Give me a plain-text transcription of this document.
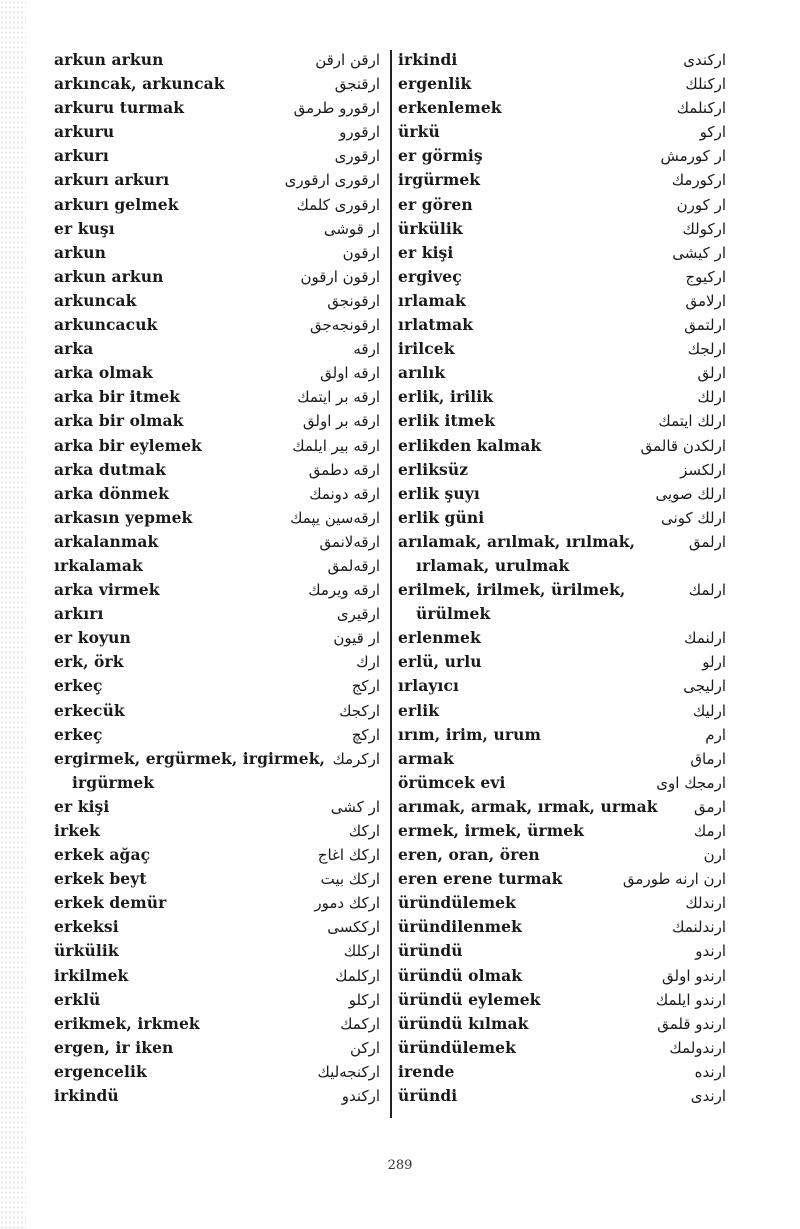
arkun arkun	ارقن ارقن
arkıncak, arkuncak	ارقنجق
arkuru turmak	ارقورو طرمق
arkuru	ارقورو
arkurı	ارقوری
arkurı arkurı	ارقوری ارقوری
arkurı gelmek	ارقوری کلمك
er kuşı	ار قوشی
arkun	ارقون
arkun arkun	ارقون ارقون
arkuncak	ارقونجق
arkuncacuk	ارقونجەجق
arka	ارقه
arka olmak	ارقه اولق
arka bir itmek	ارقه بر ایتمك
arka bir olmak	ارقه بر اولق
arka bir eylemek	ارقه بیر ایلمك
arka dutmak	ارقه دطمق
arka dönmek	ارقه دونمك
arkasın yepmek	ارقەسین یپمك
arkalanmak	ارقەلانمق
ırkalamak	ارقەلمق
arka virmek	ارقه ویرمك
arkırı	ارقیری
er koyun	ار قیون
erk, örk	ارك
erkeç	ارکج
erkecük	ارکجك
erkeç	ارکچ
ergirmek, ergürmek, irgirmek, ارکرمك
irgürmek
er kişi	ار کشی
irkek	ارکك
erkek ağaç	ارکك اغاج
erkek beyt	ارکك بیت
erkek demür	ارکك دمور
erkeksi	ارککسی
ürkülik	ارکلك
irkilmek	ارکلمك
erklü	ارکلو
erikmek, irkmek	ارکمك
ergen, ir iken	ارکن
ergencelik	ارکنجەلیك
irkindü	ارکندو
irkindi	ارکندی
ergenlik	ارکنلك
erkenlemek	ارکنلمك
ürkü	ارکو
er görmiş	ار کورمش
irgürmek	ارکورمك
er gören	ار کورن
ürkülik	ارکولك
er kişi	ار کیشی
ergiveç	ارکیوج
ırlamak	ارلامق
ırlatmak	ارلتمق
irilcek	ارلجك
arılık	ارلق
erlik, irilik	ارلك
erlik itmek	ارلك ایتمك
erlikden kalmak	ارلکدن قالمق
erliksüz	ارلکسز
erlik şuyı	ارلك صویی
erlik güni	ارلك کونی
arılamak, arılmak, ırılmak,	ارلمق
ırlamak, urulmak
erilmek, irilmek, ürilmek,	ارلمك
ürülmek
erlenmek	ارلنمك
erlü, urlu	ارلو
ırlayıcı	ارلیجی
erlik	ارلیك
ırım, irim, urum	ارم
armak	ارماق
örümcek evi	ارمجك اوی
arımak, armak, ırmak, urmak ارمق
ermek, irmek, ürmek	ارمك
eren, oran, ören	ارن
eren erene turmak	ارن ارنه طورمق
üründülemek	ارندلك
üründilenmek	ارندلنمك
üründü	ارندو
üründü olmak	ارندو اولق
üründü eylemek	ارندو ایلمك
üründü kılmak	ارندو قلمق
üründülemek	ارندولمك
irende	ارنده
üründi	ارندی
289
